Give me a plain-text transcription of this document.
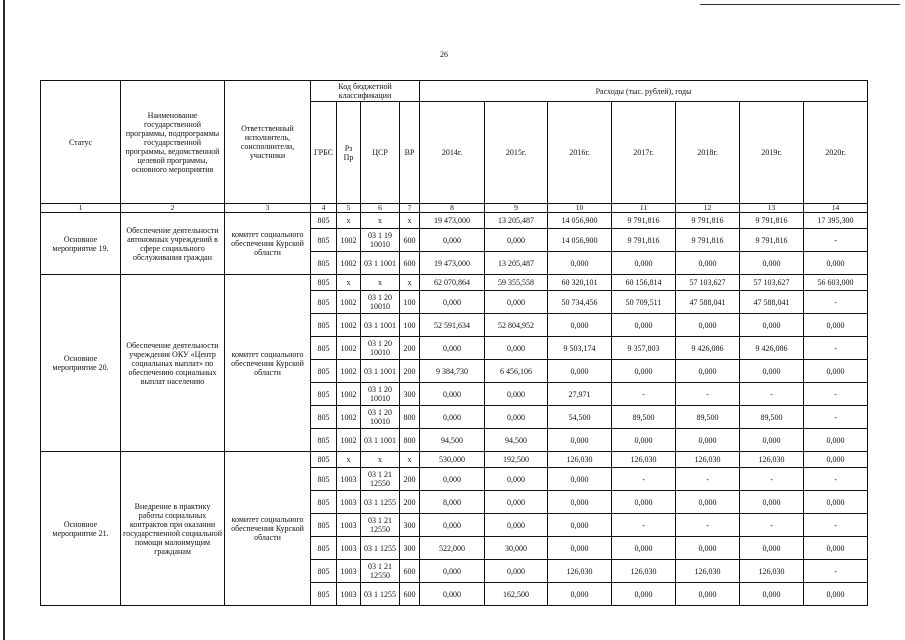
26
Статус	Наименование государственной программы, подпрограммы государственной программы, ведомственной целевой программы, основного мероприятия	Ответственный исполнитель, соисполнители, участники	Код бюджетной классификации				Расходы (тыс. рублей), годы						
			ГРБС	Рз Пр	ЦСР	ВР	2014г.	2015г.	2016г.	2017г.	2018г.	2019г.	2020г.
1	2	3	4	5	6	7	8	9	10	11	12	13	14
Основное мероприятие 19.	Обеспечение деятельности автономных учреждений в сфере социального обслуживания граждан	комитет социального обеспечения Курской области	805	х	х	х	19 473,000	13 205,487	14 056,900	9 791,816	9 791,816	9 791,816	17 395,300
			805	1002	03 1 19 10010	600	0,000	0,000	14 056,900	9 791,816	9 791,816	9 791,816	-
			805	1002	03 1 1001	600	19 473,000	13 205,487	0,000	0,000	0,000	0,000	0,000
Основное мероприятие 20.	Обеспечение деятельности учреждения ОКУ «Центр социальных выплат» по обеспечению социальных выплат населению	комитет социального обеспечения Курской области	805	х	х	х	62 070,864	59 355,558	60 320,101	60 156,814	57 103,627	57 103,627	56 603,000
			805	1002	03 1 20 10010	100	0,000	0,000	50 734,456	50 709,511	47 588,041	47 588,041	-
			805	1002	03 1 1001	100	52 591,634	52 804,952	0,000	0,000	0,000	0,000	0,000
			805	1002	03 1 20 10010	200	0,000	0,000	9 503,174	9 357,803	9 426,086	9 426,086	-
			805	1002	03 1 1001	200	9 384,730	6 456,106	0,000	0,000	0,000	0,000	0,000
			805	1002	03 1 20 10010	300	0,000	0,000	27,971	-	-	-	-
			805	1002	03 1 20 10010	800	0,000	0,000	54,500	89,500	89,500	89,500	-
			805	1002	03 1 1001	800	94,500	94,500	0,000	0,000	0,000	0,000	0,000
Основное мероприятие 21.	Внедрение в практику работы социальных контрактов при оказании государственной социальной помощи малоимущим гражданам	комитет социального обеспечения Курской области	805	х	х	х	530,000	192,500	126,030	126,030	126,030	126,030	0,000
			805	1003	03 1 21 12550	200	0,000	0,000	0,000	-	-	-	-
			805	1003	03 1 1255	200	8,000	0,000	0,000	0,000	0,000	0,000	0,000
			805	1003	03 1 21 12550	300	0,000	0,000	0,000	-	-	-	-
			805	1003	03 1 1255	300	522,000	30,000	0,000	0,000	0,000	0,000	0,000
			805	1003	03 1 21 12550	600	0,000	0,000	126,030	126,030	126,030	126,030	-
			805	1003	03 1 1255	600	0,000	162,500	0,000	0,000	0,000	0,000	0,000
